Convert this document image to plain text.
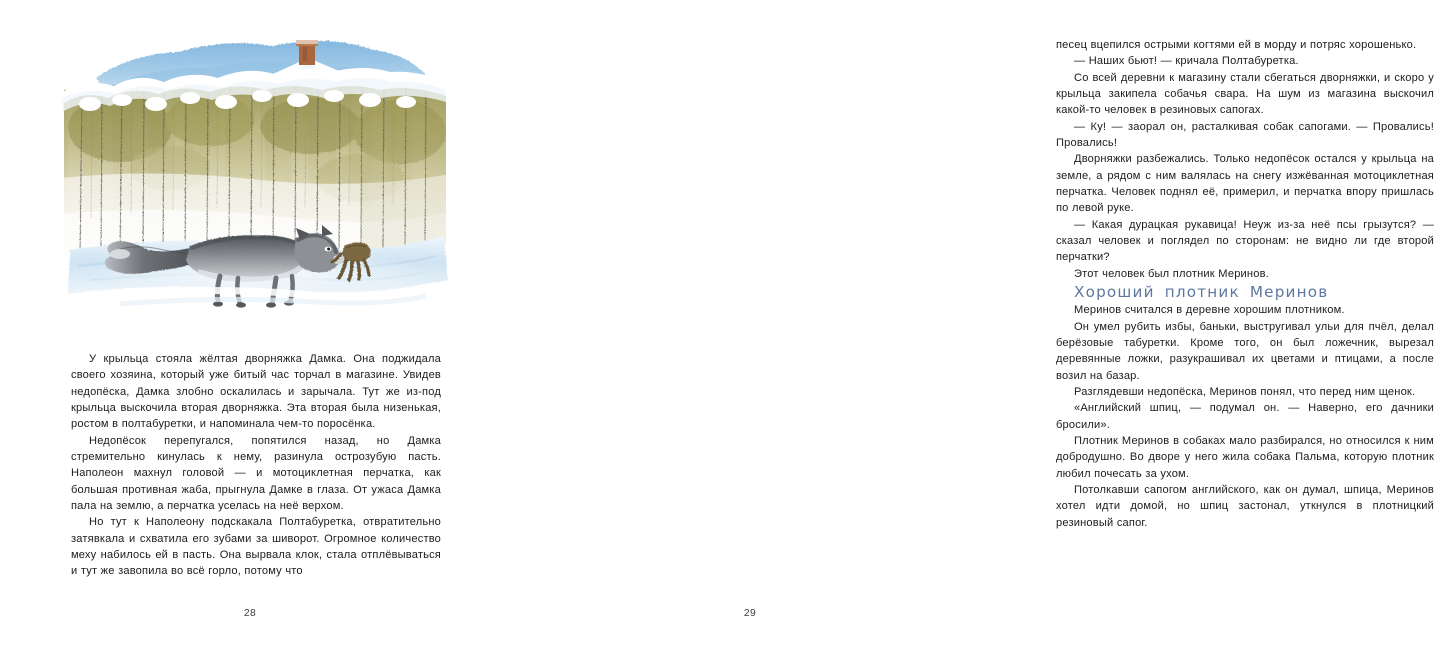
У крыльца стояла жёлтая дворняжка Дамка. Она поджидала своего хозяина, который уже битый час торчал в магазине. Увидев недопёска, Дамка злобно оскалилась и зарычала. Тут же из-под крыльца выскочила вторая дворняжка. Эта вторая была низенькая, ростом в полтабуретки, и напоминала чем-то поросёнка.

Недопёсок перепугался, попятился назад, но Дамка стремительно кинулась к нему, разинула острозубую пасть. Наполеон махнул головой — и мотоциклетная перчатка, как большая противная жаба, прыгнула Дамке в глаза. От ужаса Дамка пала на землю, а перчатка уселась на неё верхом.

Но тут к Наполеону подскакала Полтабуретка, отвратительно затявкала и схватила его зубами за шиворот. Огромное количество меху набилось ей в пасть. Она вырвала клок, стала отплёвываться и тут же завопила во всё горло, потому что

28

песец вцепился острыми когтями ей в морду и потряс хорошенько.

— Наших бьют! — кричала Полтабуретка.

Со всей деревни к магазину стали сбегаться дворняжки, и скоро у крыльца закипела собачья свара. На шум из магазина выскочил какой-то человек в резиновых сапогах.

— Ку! — заорал он, расталкивая собак сапогами. — Провались! Провались!

Дворняжки разбежались. Только недопёсок остался у крыльца на земле, а рядом с ним валялась на снегу изжёванная мотоциклетная перчатка. Человек поднял её, примерил, и перчатка впору пришлась по левой руке.

— Какая дурацкая рукавица! Неуж из-за неё псы грызутся? — сказал человек и поглядел по сторонам: не видно ли где второй перчатки?

Этот человек был плотник Меринов.

Хороший плотник Меринов

Меринов считался в деревне хорошим плотником.

Он умел рубить избы, баньки, выстругивал ульи для пчёл, делал берёзовые табуретки. Кроме того, он был ложечник, вырезал деревянные ложки, разукрашивал их цветами и птицами, а после возил на базар.

Разглядевши недопёска, Меринов понял, что перед ним щенок.

«Английский шпиц, — подумал он. — Наверно, его дачники бросили».

Плотник Меринов в собаках мало разбирался, но относился к ним добродушно. Во дворе у него жила собака Пальма, которую плотник любил почесать за ухом.

Потолкавши сапогом английского, как он думал, шпица, Меринов хотел идти домой, но шпиц застонал, уткнулся в плотницкий резиновый сапог.

29
